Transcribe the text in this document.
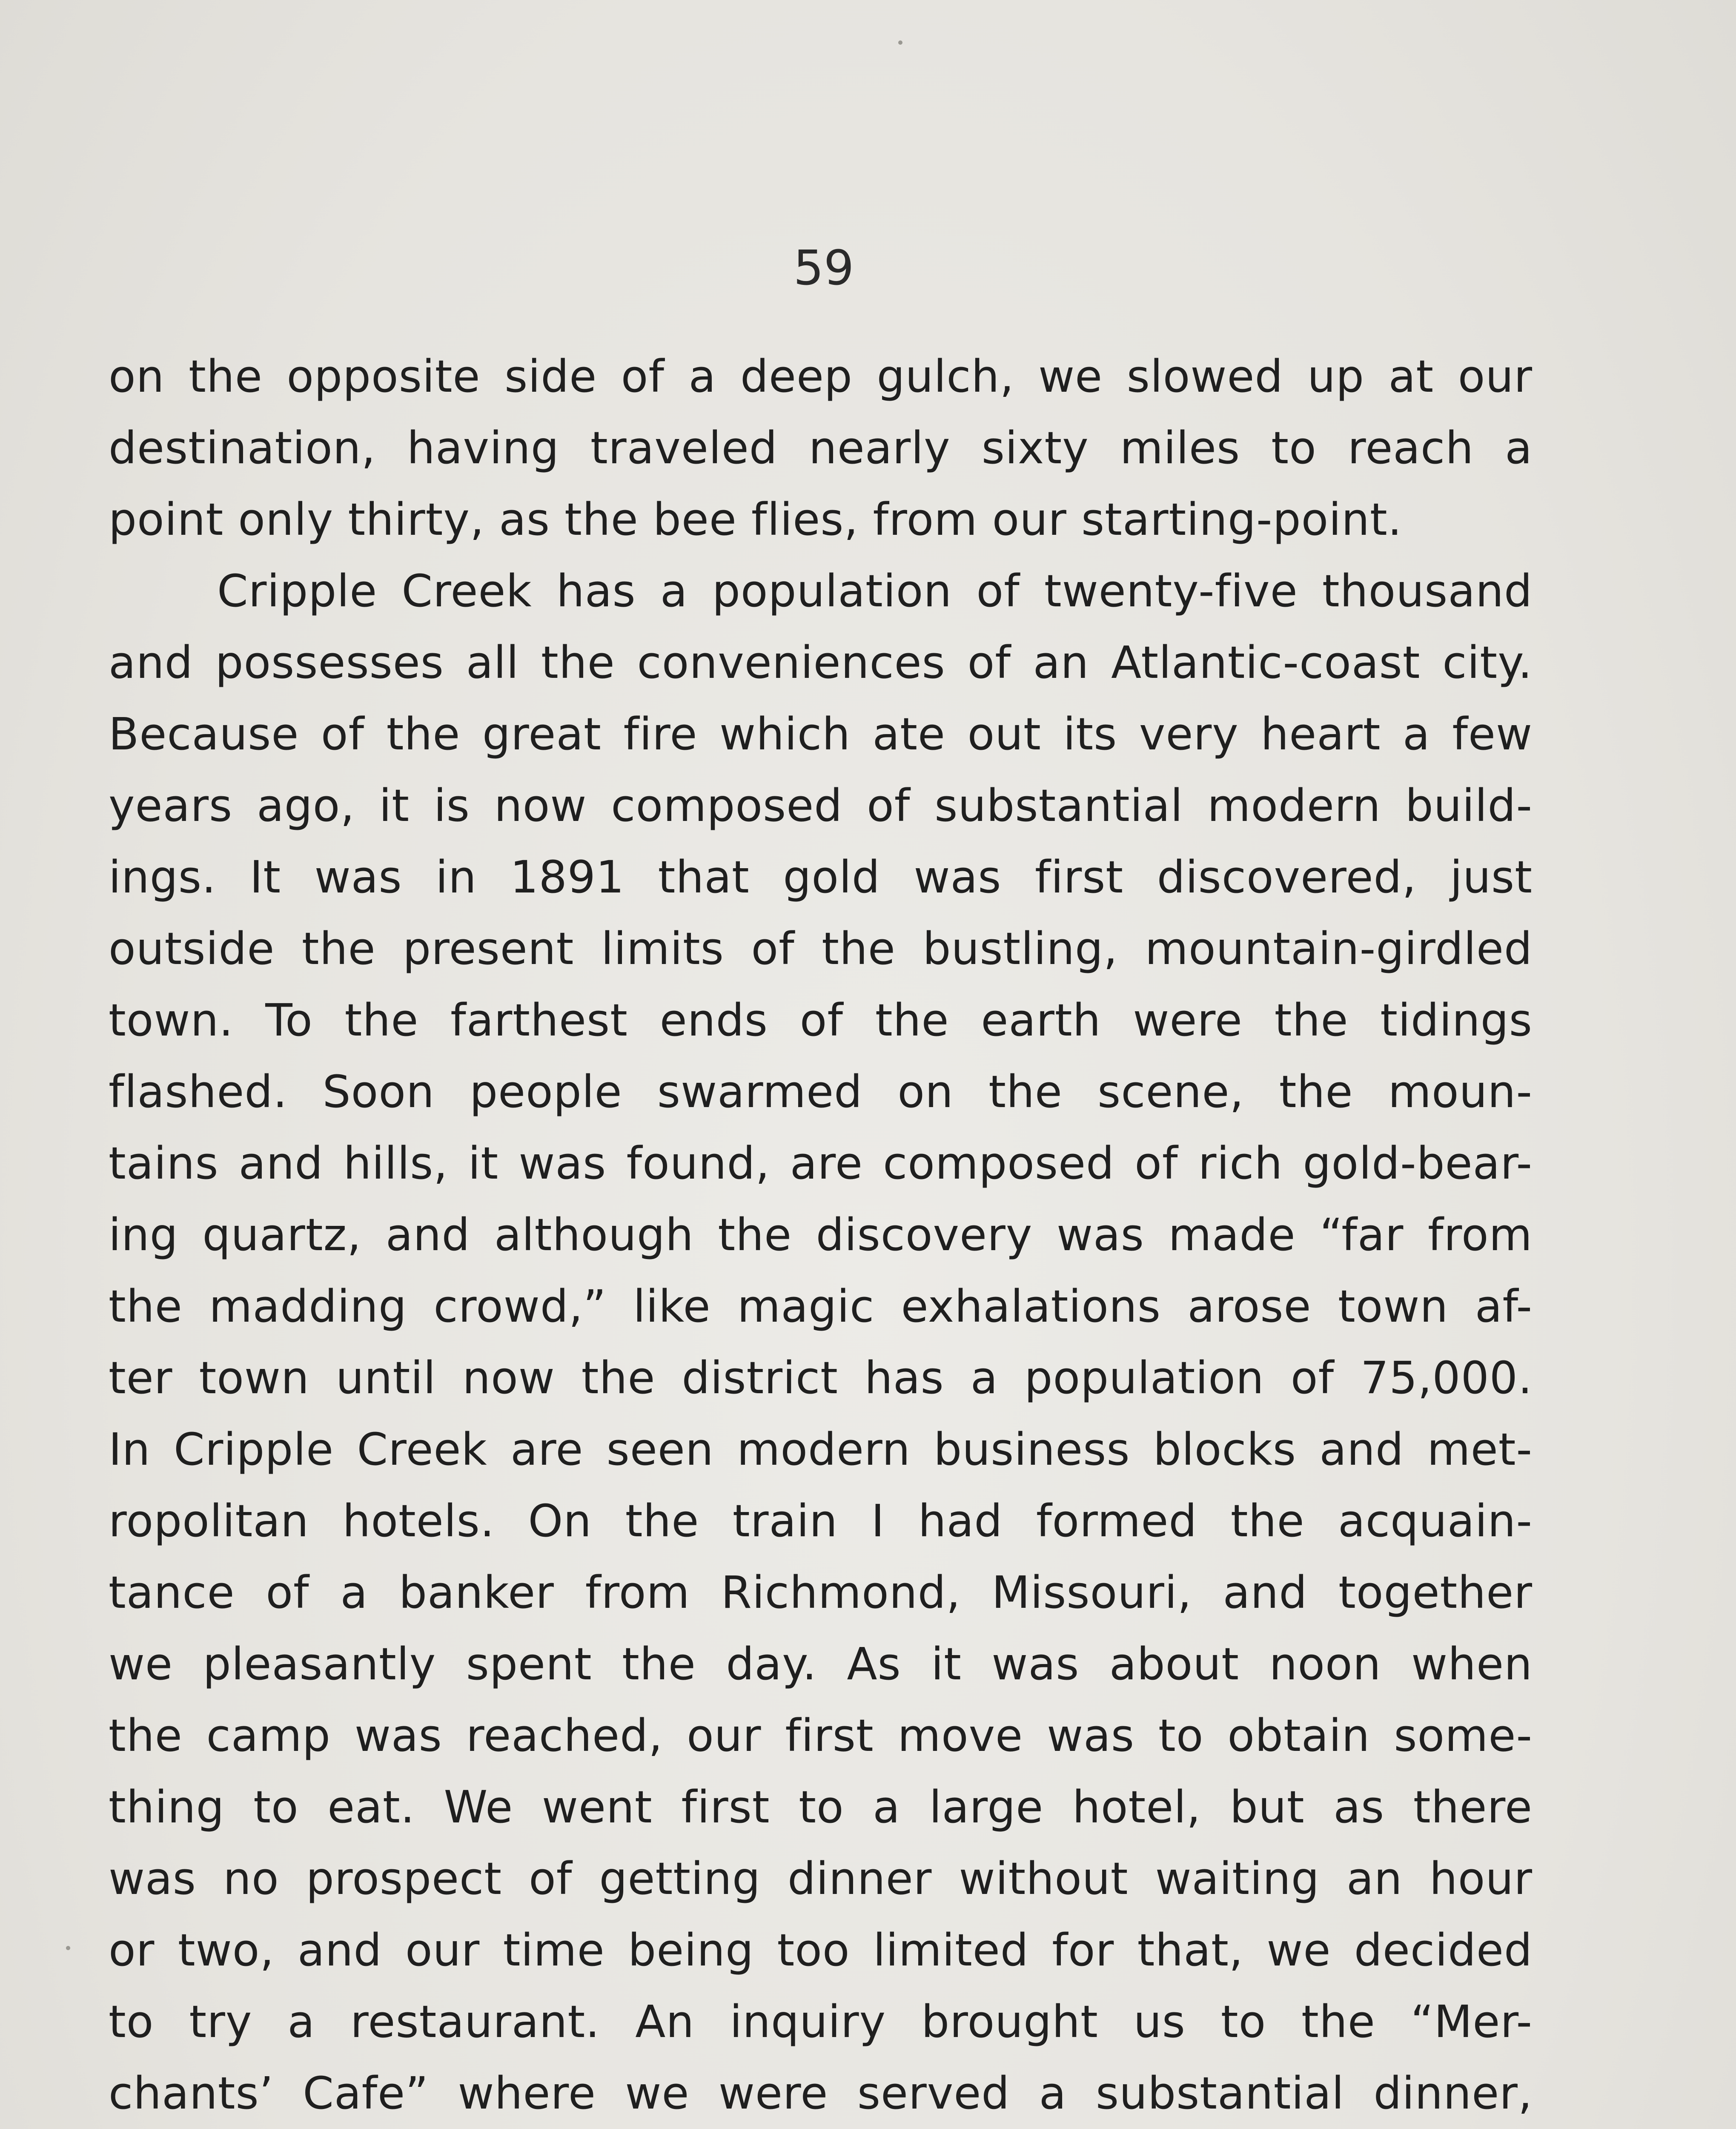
59
on the opposite side of a deep gulch, we slowed up at our
destination, having traveled nearly sixty miles to reach a
point only thirty, as the bee flies, from our starting-point.
Cripple Creek has a population of twenty-five thousand
and possesses all the conveniences of an Atlantic-coast city.
Because of the great fire which ate out its very heart a few
years ago, it is now composed of substantial modern build-
ings. It was in 1891 that gold was first discovered, just
outside the present limits of the bustling, mountain-girdled
town. To the farthest ends of the earth were the tidings
flashed. Soon people swarmed on the scene, the moun-
tains and hills, it was found, are composed of rich gold-bear-
ing quartz, and although the discovery was made “far from
the madding crowd,” like magic exhalations arose town af-
ter town until now the district has a population of 75,000.
In Cripple Creek are seen modern business blocks and met-
ropolitan hotels. On the train I had formed the acquain-
tance of a banker from Richmond, Missouri, and together
we pleasantly spent the day. As it was about noon when
the camp was reached, our first move was to obtain some-
thing to eat. We went first to a large hotel, but as there
was no prospect of getting dinner without waiting an hour
or two, and our time being too limited for that, we decided
to try a restaurant. An inquiry brought us to the “Mer-
chants’ Cafe” where we were served a substantial dinner,
